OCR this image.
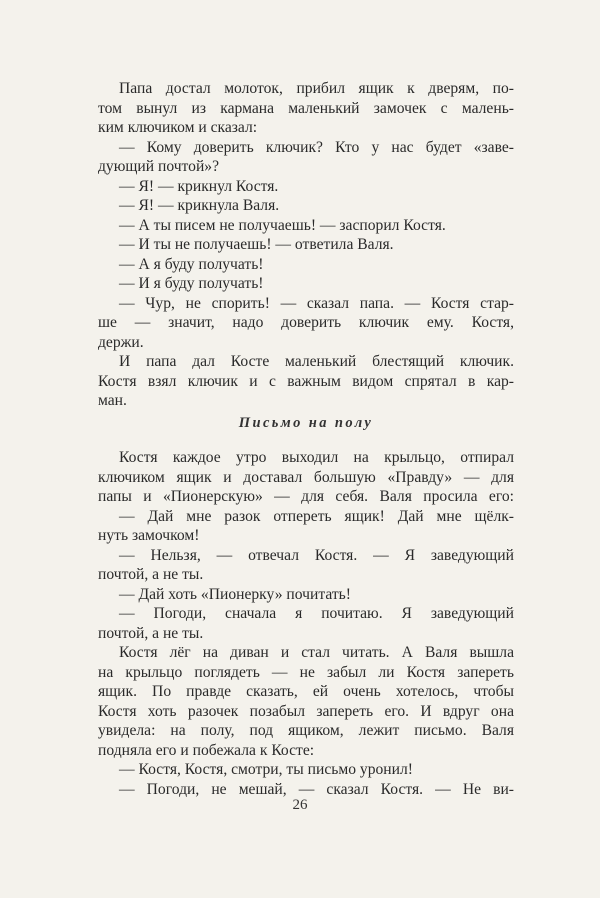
Папа достал молоток, прибил ящик к дверям, по-
том вынул из кармана маленький замочек с малень-
ким ключиком и сказал:
— Кому доверить ключик? Кто у нас будет «заве-
дующий почтой»?
— Я! — крикнул Костя.
— Я! — крикнула Валя.
— А ты писем не получаешь! — заспорил Костя.
— И ты не получаешь! — ответила Валя.
— А я буду получать!
— И я буду получать!
— Чур, не спорить! — сказал папа. — Костя стар-
ше — значит, надо доверить ключик ему. Костя,
держи.
И папа дал Косте маленький блестящий ключик.
Костя взял ключик и с важным видом спрятал в кар-
ман.
Письмо на полу
Костя каждое утро выходил на крыльцо, отпирал
ключиком ящик и доставал большую «Правду» — для
папы и «Пионерскую» — для себя. Валя просила его:
— Дай мне разок отпереть ящик! Дай мне щёлк-
нуть замочком!
— Нельзя, — отвечал Костя. — Я заведующий
почтой, а не ты.
— Дай хоть «Пионерку» почитать!
— Погоди, сначала я почитаю. Я заведующий
почтой, а не ты.
Костя лёг на диван и стал читать. А Валя вышла
на крыльцо поглядеть — не забыл ли Костя запереть
ящик. По правде сказать, ей очень хотелось, чтобы
Костя хоть разочек позабыл запереть его. И вдруг она
увидела: на полу, под ящиком, лежит письмо. Валя
подняла его и побежала к Косте:
— Костя, Костя, смотри, ты письмо уронил!
— Погоди, не мешай, — сказал Костя. — Не ви-
26
